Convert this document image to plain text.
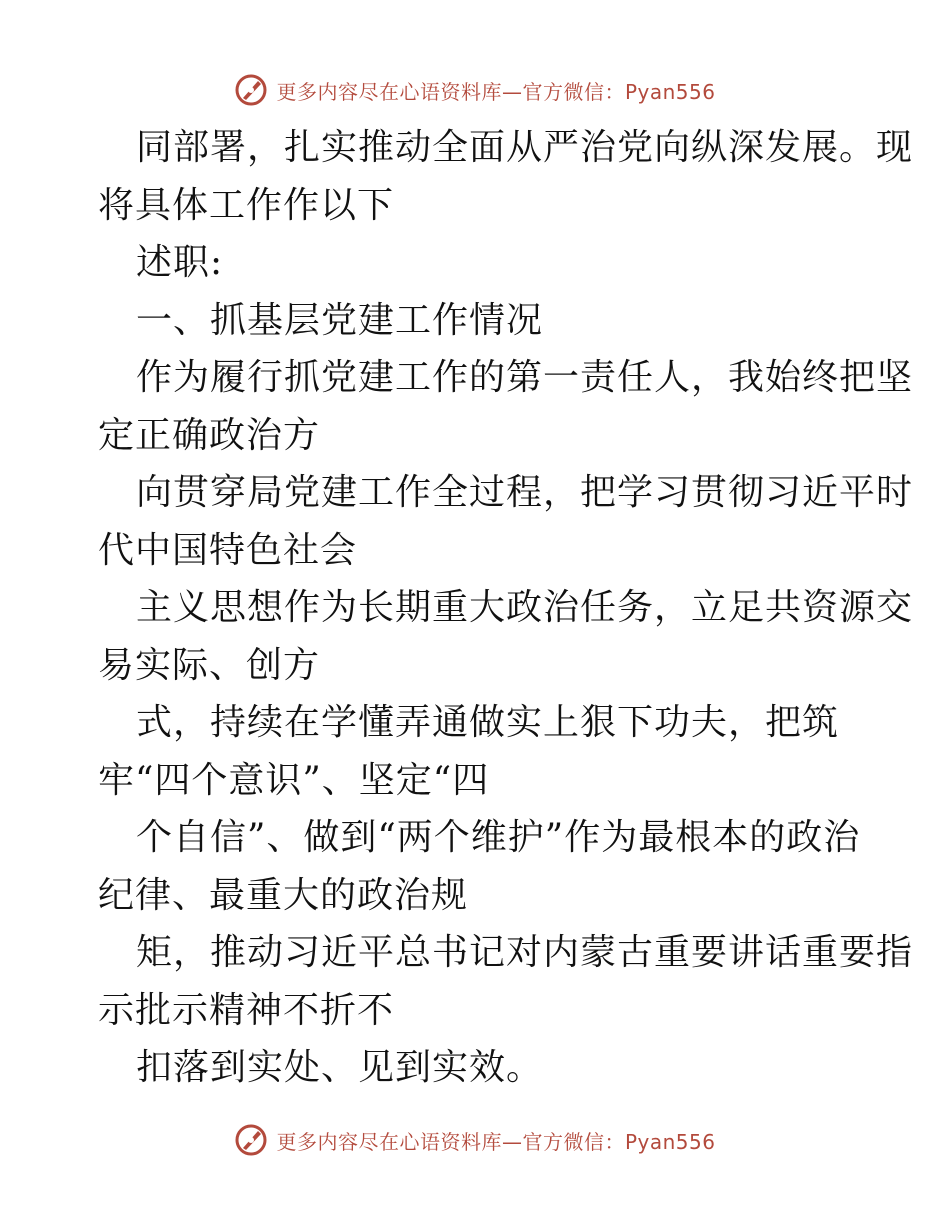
更多内容尽在心语资料库—官方微信：Pyan556
同部署，扎实推动全面从严治党向纵深发展。现
将具体工作作以下
述职:
一、抓基层党建工作情况
作为履行抓党建工作的第一责任人，我始终把坚
定正确政治方
向贯穿局党建工作全过程，把学习贯彻习近平时
代中国特色社会
主义思想作为长期重大政治任务，立足共资源交
易实际、创方
式，持续在学懂弄通做实上狠下功夫，把筑
牢“四个意识”、坚定“四
个自信”、做到“两个维护”作为最根本的政治
纪律、最重大的政治规
矩，推动习近平总书记对内蒙古重要讲话重要指
示批示精神不折不
扣落到实处、见到实效。
更多内容尽在心语资料库—官方微信：Pyan556
